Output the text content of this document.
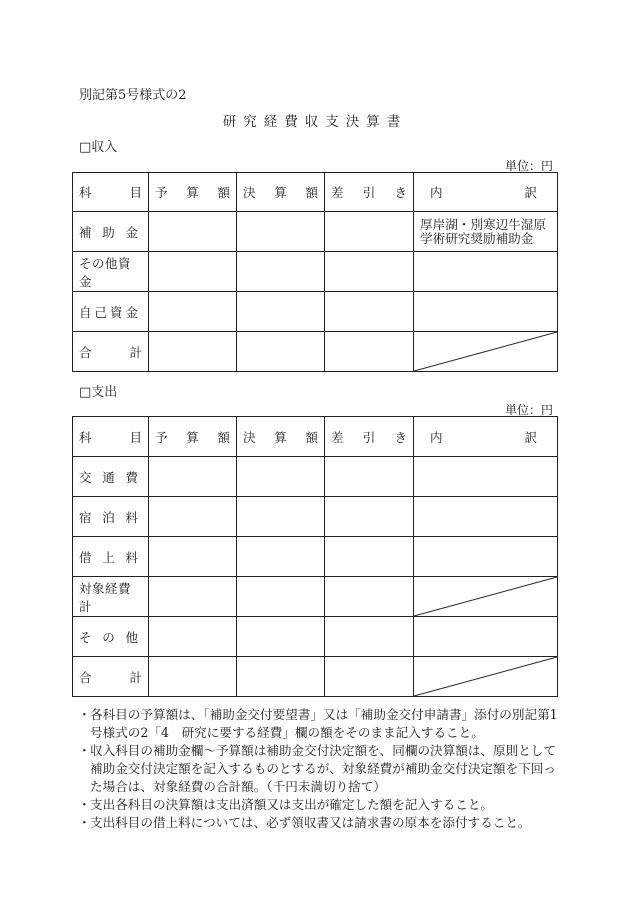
別記第5号様式の2
研究経費収支決算書
□収入
単位：円
科 目	予 算 額	決 算 額	差 引 き	内 訳

補 助 金				厚岸湖・別寒辺牛湿原学術研究奨励補助金

その他資金				

自 己 資 金				

合 計

□支出
単位：円
科 目	予 算 額	決 算 額	差 引 き	内 訳

交 通 費				

宿 泊 料				

借 上 料				

対象経費計

そ の 他				

合 計

・ 各科目の予算額は、「補助金交付要望書」又は「補助金交付申請書」添付の別記第1号様式の2「4　研究に要する経費」欄の額をそのまま記入すること。
・ 収入科目の補助金欄～予算額は補助金交付決定額を、同欄の決算額は、原則として補助金交付決定額を記入するものとするが、対象経費が補助金交付決定額を下回った場合は、対象経費の合計額。（千円未満切り捨て）
・ 支出各科目の決算額は支出済額又は支出が確定した額を記入すること。
・ 支出科目の借上料については、必ず領収書又は請求書の原本を添付すること。
